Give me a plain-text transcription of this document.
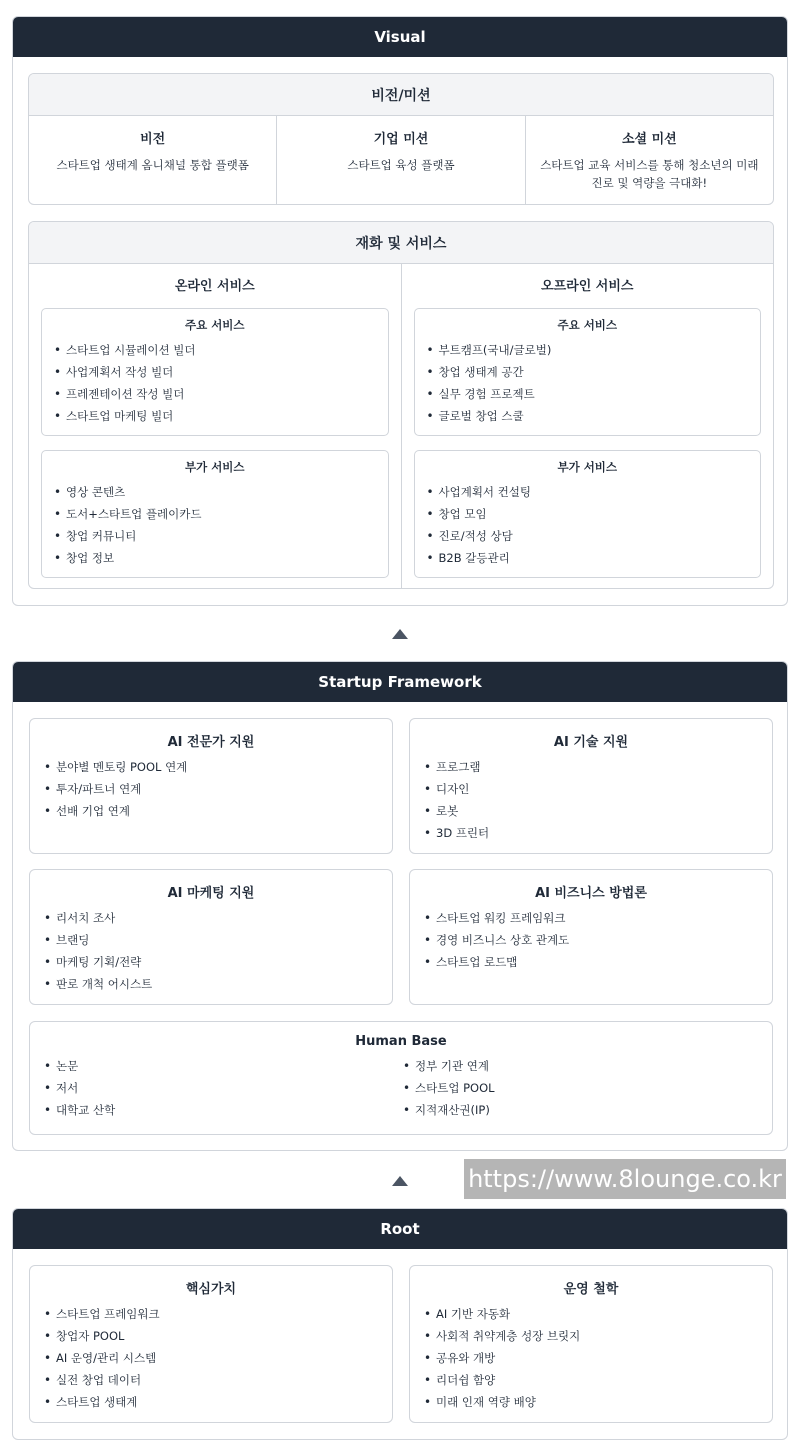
Visual
비전/미션
비전
스타트업 생태계 옴니채널 통합 플랫폼
기업 미션
스타트업 육성 플랫폼
소셜 미션
스타트업 교육 서비스를 통해 청소년의 미래 진로 및 역량을 극대화!
재화 및 서비스
온라인 서비스
주요 서비스
• 스타트업 시뮬레이션 빌더
• 사업계획서 작성 빌더
• 프레젠테이션 작성 빌더
• 스타트업 마케팅 빌더
부가 서비스
• 영상 콘텐츠
• 도서+스타트업 플레이카드
• 창업 커뮤니티
• 창업 정보
오프라인 서비스
주요 서비스
• 부트캠프(국내/글로벌)
• 창업 생태계 공간
• 실무 경험 프로젝트
• 글로벌 창업 스쿨
부가 서비스
• 사업계획서 컨설팅
• 창업 모임
• 진로/적성 상담
• B2B 갈등관리
Startup Framework
AI 전문가 지원
• 분야별 멘토링 POOL 연계
• 투자/파트너 연계
• 선배 기업 연계
AI 기술 지원
• 프로그램
• 디자인
• 로봇
• 3D 프린터
AI 마케팅 지원
• 리서치 조사
• 브랜딩
• 마케팅 기획/전략
• 판로 개척 어시스트
AI 비즈니스 방법론
• 스타트업 워킹 프레임워크
• 경영 비즈니스 상호 관계도
• 스타트업 로드맵
Human Base
• 논문
• 저서
• 대학교 산학
• 정부 기관 연계
• 스타트업 POOL
• 지적재산권(IP)
https://www.8lounge.co.kr
Root
핵심가치
• 스타트업 프레임워크
• 창업자 POOL
• AI 운영/관리 시스템
• 실전 창업 데이터
• 스타트업 생태계
운영 철학
• AI 기반 자동화
• 사회적 취약계층 성장 브릿지
• 공유와 개방
• 리더쉽 함양
• 미래 인재 역량 배양
